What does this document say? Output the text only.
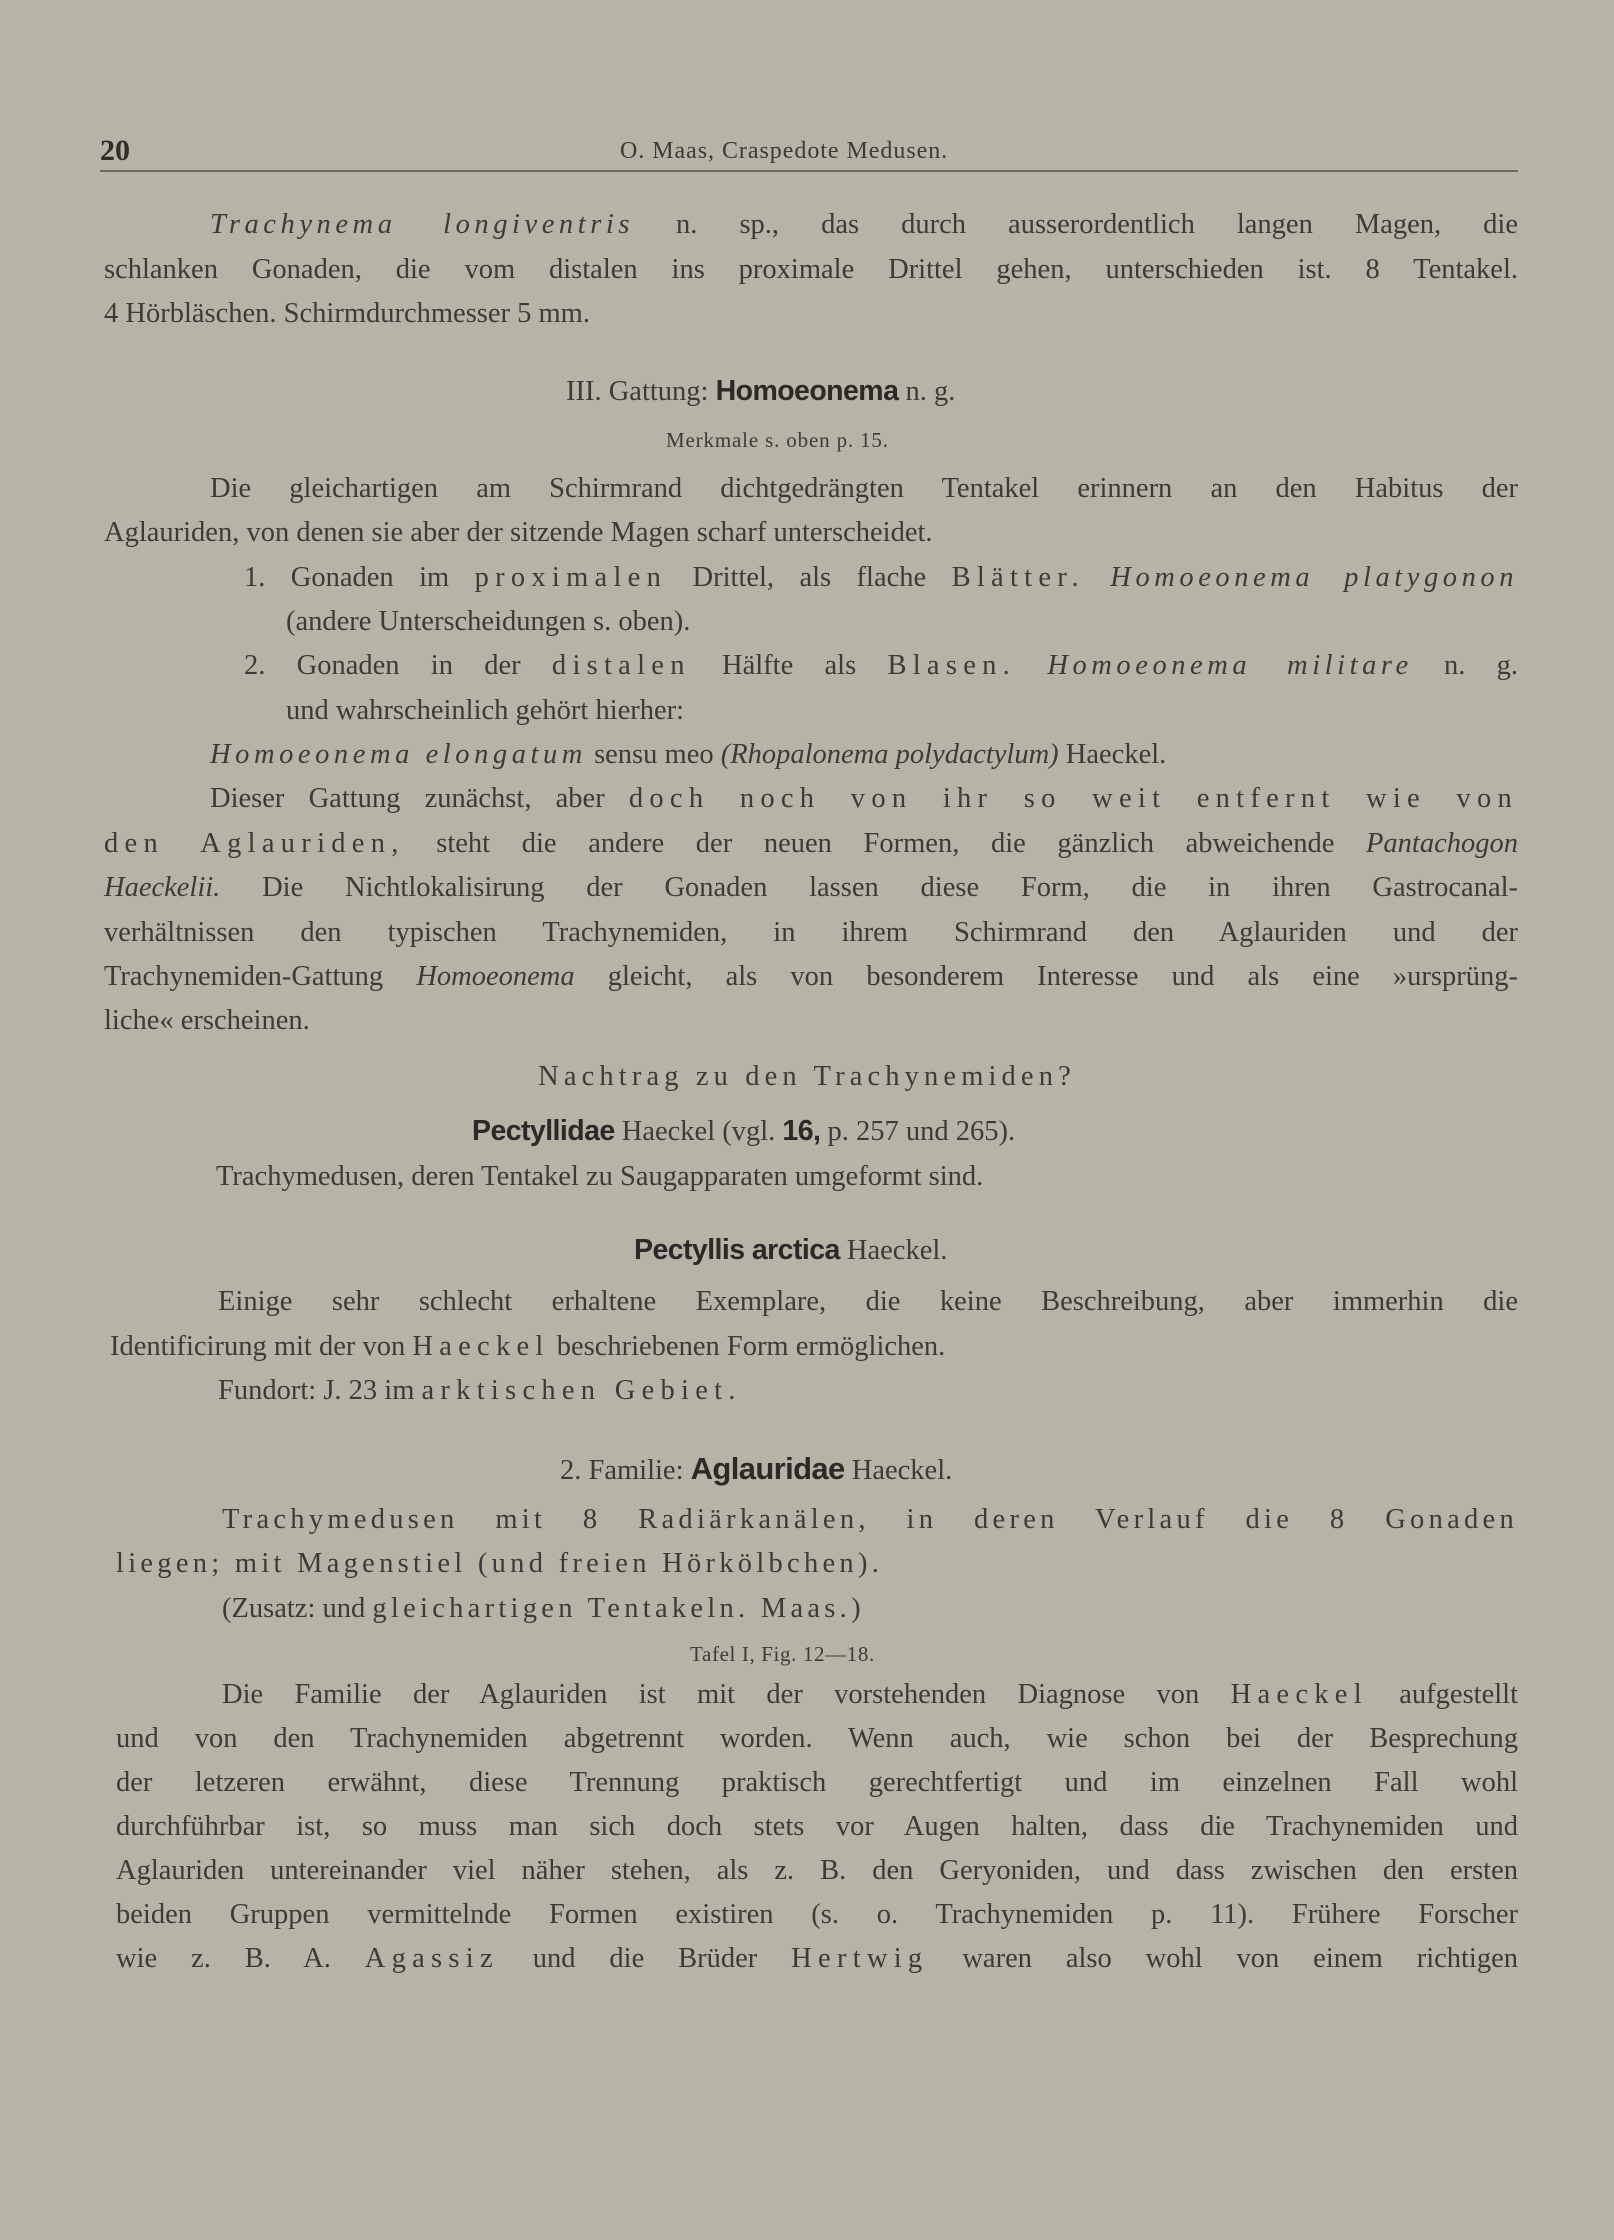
20	O. Maas, Craspedote Medusen.
Trachynema longiventris n. sp., das durch ausserordentlich langen Magen, die
schlanken Gonaden, die vom distalen ins proximale Drittel gehen, unterschieden ist. 8 Tentakel.
4 Hörbläschen. Schirmdurchmesser 5 mm.
III. Gattung: Homoeonema n. g.
Merkmale s. oben p. 15.
Die gleichartigen am Schirmrand dichtgedrängten Tentakel erinnern an den Habitus der
Aglauriden, von denen sie aber der sitzende Magen scharf unterscheidet.
1. Gonaden im proximalen Drittel, als flache Blätter. Homoeonema platygonon
(andere Unterscheidungen s. oben).
2. Gonaden in der distalen Hälfte als Blasen. Homoeonema militare n. g.
und wahrscheinlich gehört hierher:
Homoeonema elongatum sensu meo (Rhopalonema polydactylum) Haeckel.
Dieser Gattung zunächst, aber doch noch von ihr so weit entfernt wie von
den Aglauriden, steht die andere der neuen Formen, die gänzlich abweichende Pantachogon
Haeckelii. Die Nichtlokalisirung der Gonaden lassen diese Form, die in ihren Gastrocanal-
verhältnissen den typischen Trachynemiden, in ihrem Schirmrand den Aglauriden und der
Trachynemiden-Gattung Homoeonema gleicht, als von besonderem Interesse und als eine »ursprüng-
liche« erscheinen.
Nachtrag zu den Trachynemiden?
Pectyllidae Haeckel (vgl. 16, p. 257 und 265).
Trachymedusen, deren Tentakel zu Saugapparaten umgeformt sind.
Pectyllis arctica Haeckel.
Einige sehr schlecht erhaltene Exemplare, die keine Beschreibung, aber immerhin die
Identificirung mit der von Haeckel beschriebenen Form ermöglichen.
Fundort: J. 23 im arktischen Gebiet.
2. Familie: Aglauridae Haeckel.
Trachymedusen mit 8 Radiärkanälen, in deren Verlauf die 8 Gonaden
liegen; mit Magenstiel (und freien Hörkölbchen).
(Zusatz: und gleichartigen Tentakeln. Maas.)
Tafel I, Fig. 12—18.
Die Familie der Aglauriden ist mit der vorstehenden Diagnose von Haeckel aufgestellt
und von den Trachynemiden abgetrennt worden. Wenn auch, wie schon bei der Besprechung
der letzeren erwähnt, diese Trennung praktisch gerechtfertigt und im einzelnen Fall wohl
durchführbar ist, so muss man sich doch stets vor Augen halten, dass die Trachynemiden und
Aglauriden untereinander viel näher stehen, als z. B. den Geryoniden, und dass zwischen den ersten
beiden Gruppen vermittelnde Formen existiren (s. o. Trachynemiden p. 11). Frühere Forscher
wie z. B. A. Agassiz und die Brüder Hertwig waren also wohl von einem richtigen
